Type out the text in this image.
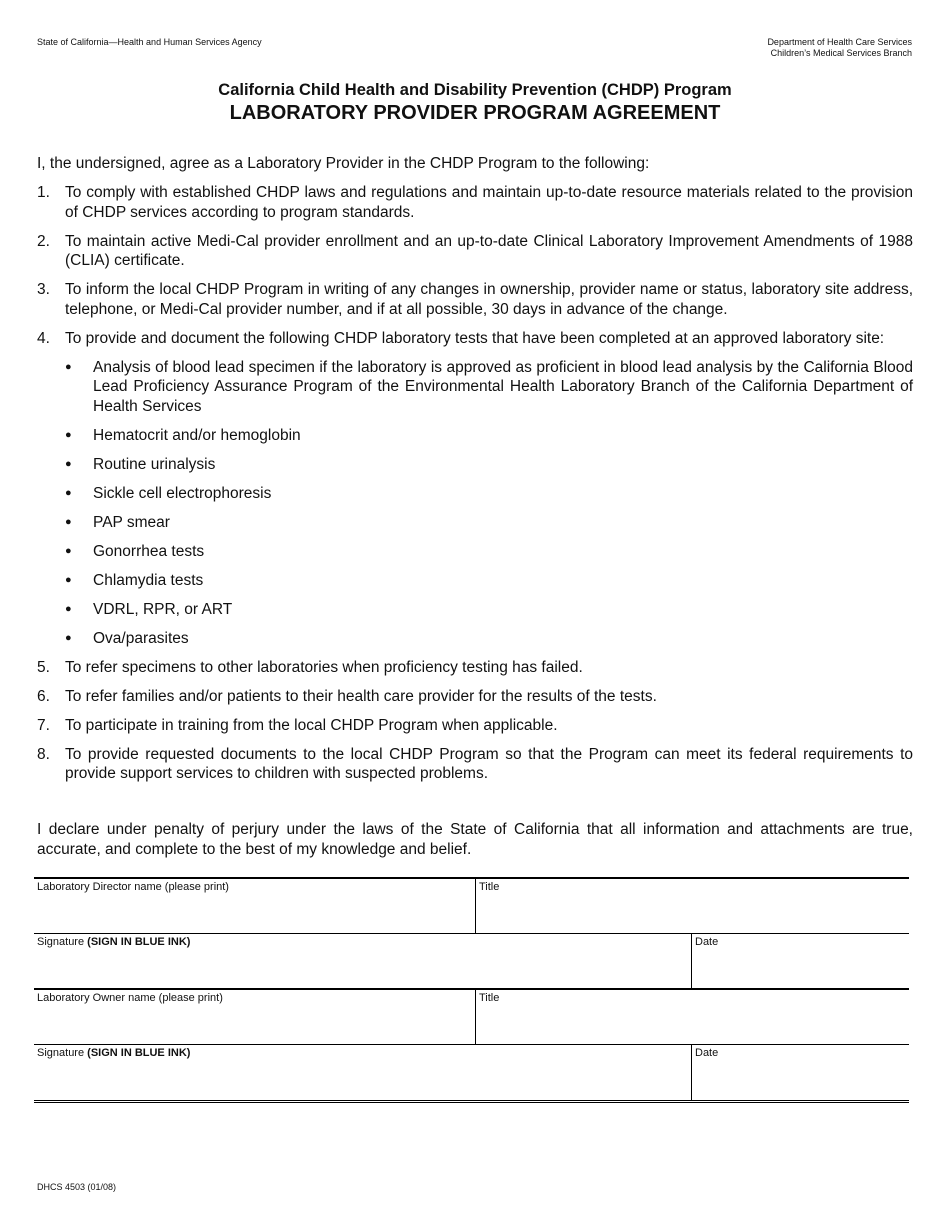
State of California—Health and Human Services Agency	Department of Health Care Services
Children’s Medical Services Branch
California Child Health and Disability Prevention (CHDP) Program
LABORATORY PROVIDER PROGRAM AGREEMENT
I, the undersigned, agree as a Laboratory Provider in the CHDP Program to the following:
1. To comply with established CHDP laws and regulations and maintain up-to-date resource materials related to the provision of CHDP services according to program standards.
2. To maintain active Medi-Cal provider enrollment and an up-to-date Clinical Laboratory Improvement Amendments of 1988 (CLIA) certificate.
3. To inform the local CHDP Program in writing of any changes in ownership, provider name or status, laboratory site address, telephone, or Medi-Cal provider number, and if at all possible, 30 days in advance of the change.
4. To provide and document the following CHDP laboratory tests that have been completed at an approved laboratory site:
● Analysis of blood lead specimen if the laboratory is approved as proficient in blood lead analysis by the California Blood Lead Proficiency Assurance Program of the Environmental Health Laboratory Branch of the California Department of Health Services
● Hematocrit and/or hemoglobin
● Routine urinalysis
● Sickle cell electrophoresis
● PAP smear
● Gonorrhea tests
● Chlamydia tests
● VDRL, RPR, or ART
● Ova/parasites
5. To refer specimens to other laboratories when proficiency testing has failed.
6. To refer families and/or patients to their health care provider for the results of the tests.
7. To participate in training from the local CHDP Program when applicable.
8. To provide requested documents to the local CHDP Program so that the Program can meet its federal requirements to provide support services to children with suspected problems.
I declare under penalty of perjury under the laws of the State of California that all information and attachments are true, accurate, and complete to the best of my knowledge and belief.
Laboratory Director name (please print)	Title
Signature (SIGN IN BLUE INK)	Date
Laboratory Owner name (please print)	Title
Signature (SIGN IN BLUE INK)	Date
DHCS 4503 (01/08)
